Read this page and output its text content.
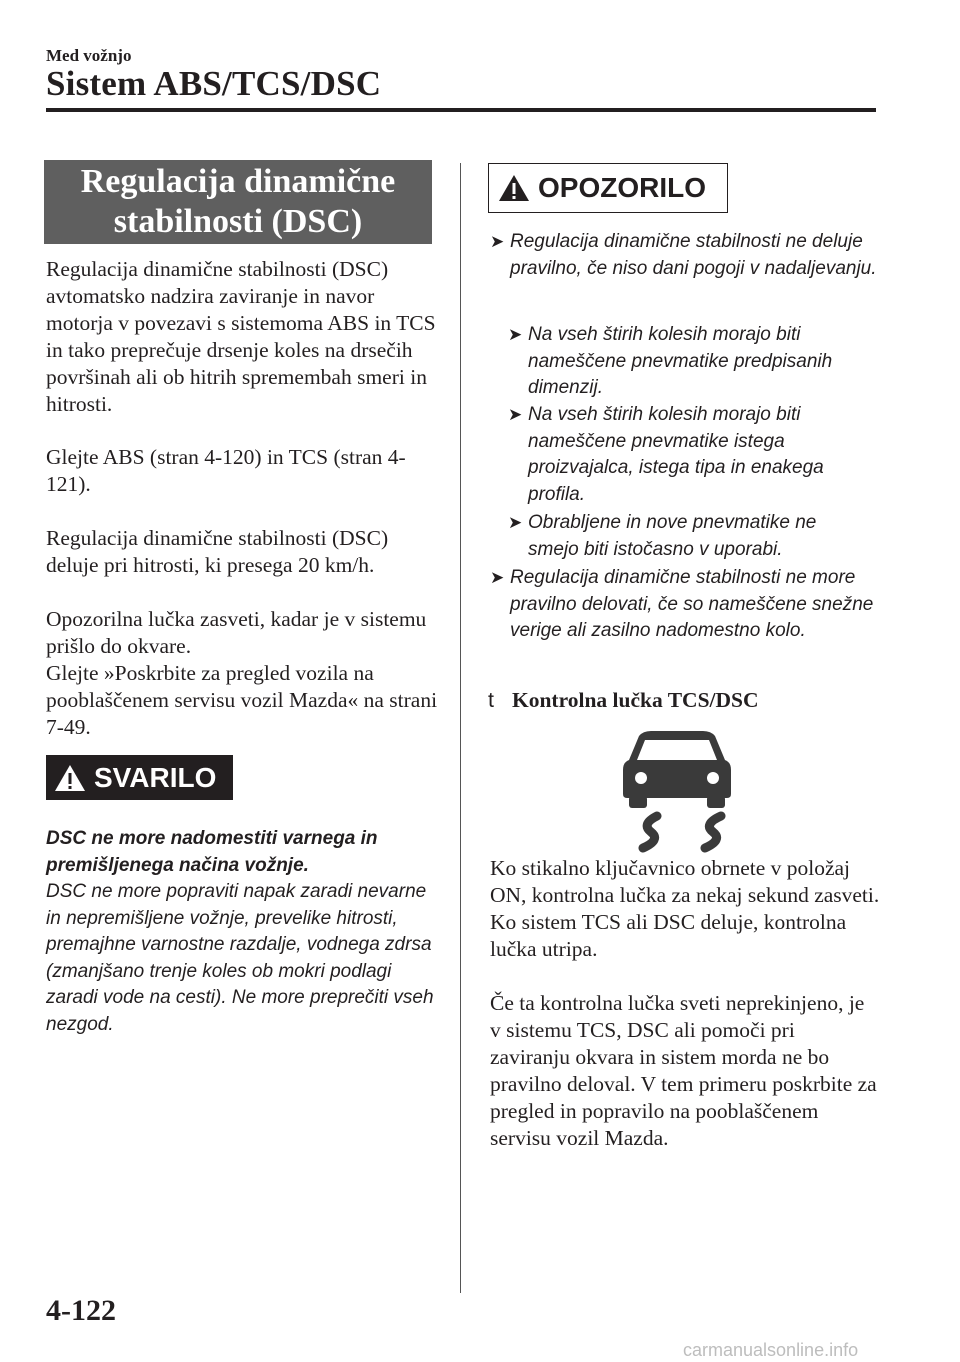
Med vožnjo
Sistem ABS/TCS/DSC
Regulacija dinamične
stabilnosti (DSC)
Regulacija dinamične stabilnosti (DSC) avtomatsko nadzira zaviranje in navor motorja v povezavi s sistemoma ABS in TCS in tako preprečuje drsenje koles na drsečih površinah ali ob hitrih spremembah smeri in hitrosti.
Glejte ABS (stran 4-120) in TCS (stran 4-121).
Regulacija dinamične stabilnosti (DSC) deluje pri hitrosti, ki presega 20 km/h.
Opozorilna lučka zasveti, kadar je v sistemu prišlo do okvare.
Glejte »Poskrbite za pregled vozila na pooblaščenem servisu vozil Mazda« na strani 7-49.
SVARILO
DSC ne more nadomestiti varnega in premišljenega načina vožnje.
DSC ne more popraviti napak zaradi nevarne in nepremišljene vožnje, prevelike hitrosti, premajhne varnostne razdalje, vodnega zdrsa (zmanjšano trenje koles ob mokri podlagi zaradi vode na cesti). Ne more preprečiti vseh nezgod.
OPOZORILO
➤ Regulacija dinamične stabilnosti ne deluje pravilno, če niso dani pogoji v nadaljevanju.
➤ Na vseh štirih kolesih morajo biti nameščene pnevmatike predpisanih dimenzij.
➤ Na vseh štirih kolesih morajo biti nameščene pnevmatike istega proizvajalca, istega tipa in enakega profila.
➤ Obrabljene in nove pnevmatike ne smejo biti istočasno v uporabi.
➤ Regulacija dinamične stabilnosti ne more pravilno delovati, če so nameščene snežne verige ali zasilno nadomestno kolo.
t Kontrolna lučka TCS/DSC
Ko stikalno ključavnico obrnete v položaj ON, kontrolna lučka za nekaj sekund zasveti. Ko sistem TCS ali DSC deluje, kontrolna lučka utripa.
Če ta kontrolna lučka sveti neprekinjeno, je v sistemu TCS, DSC ali pomoči pri zaviranju okvara in sistem morda ne bo pravilno deloval. V tem primeru poskrbite za pregled in popravilo na pooblaščenem servisu vozil Mazda.
4-122
carmanualsonline.info
